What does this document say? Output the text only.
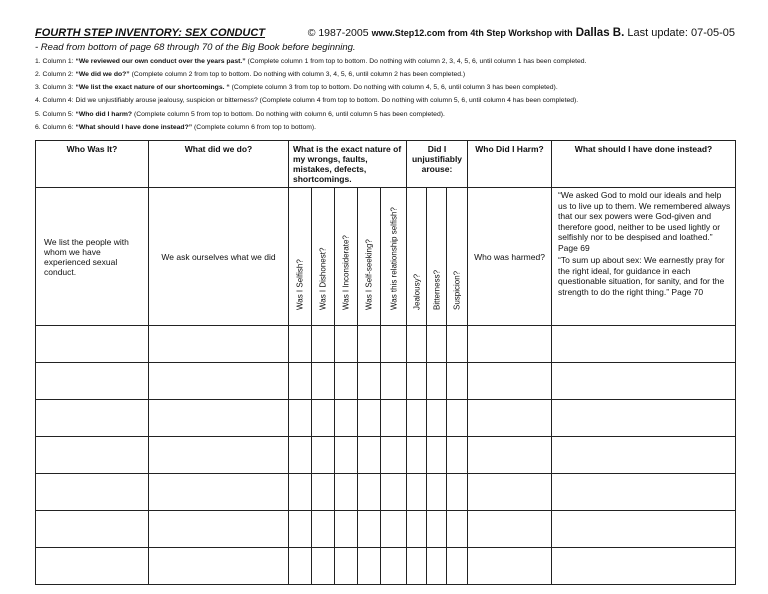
FOURTH STEP INVENTORY: SEX CONDUCT	© 1987-2005 www.Step12.com from 4th Step Workshop with Dallas B. Last update: 07-05-05
- Read from bottom of page 68 through 70 of the Big Book before beginning.
1. Column 1: “We reviewed our own conduct over the years past.” (Complete column 1 from top to bottom. Do nothing with column 2, 3, 4, 5, 6, until column 1 has been completed.
2. Column 2: “We did we do?” (Complete column 2 from top to bottom. Do nothing with column 3, 4, 5, 6, until column 2 has been completed.)
3. Column 3: “We list the exact nature of our shortcomings. “ (Complete column 3 from top to bottom. Do nothing with column 4, 5, 6, until column 3 has been completed).
4. Column 4: Did we unjustifiably arouse jealousy, suspicion or bitterness? (Complete column 4 from top to bottom. Do nothing with column 5, 6, until column 4 has been completed).
5. Column 5: “Who did I harm? (Complete column 5 from top to bottom. Do nothing with column 6, until column 5 has been completed).
6. Column 6: “What should I have done instead?” (Complete column 6 from top to bottom).
Who Was It?	What did we do?	What is the exact nature of my wrongs, faults, mistakes, defects, shortcomings.					Did I unjustifiably arouse:			Who Did I Harm?	What should I have done instead?
We list the people with whom we have experienced sexual conduct.	We ask ourselves what we did	Was I Selfish?	Was I Dishonest?	Was I Inconsiderate?	Was I Self-seeking?	Was this relationship selfish?	Jealousy?	Bitterness?	Suspicion?	Who was harmed?	“We asked God to mold our ideals and help us to live up to them. We remembered always that our sex powers were God-given and therefore good, neither to be used lightly or selfishly nor to be despised and loathed.” Page 69

“To sum up about sex: We earnestly pray for the right ideal, for guidance in each questionable situation, for sanity, and for the strength to do the right thing.” Page 70
